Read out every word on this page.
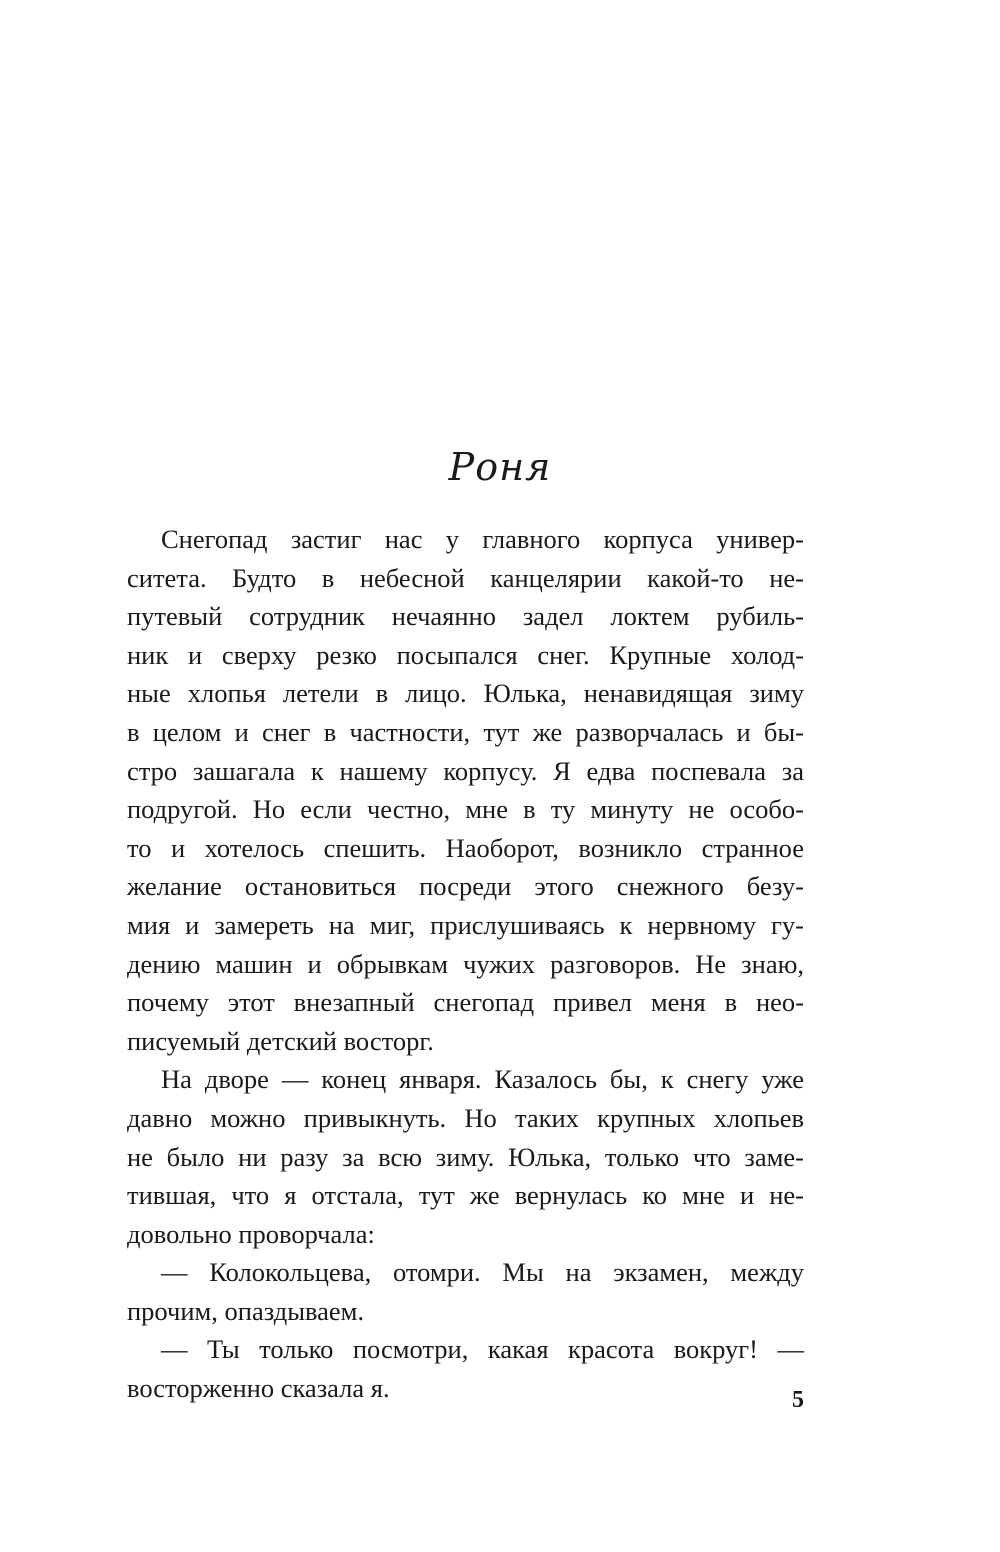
Роня
Снегопад застиг нас у главного корпуса универ-
ситета. Будто в небесной канцелярии какой-то не-
путевый сотрудник нечаянно задел локтем рубиль-
ник и сверху резко посыпался снег. Крупные холод-
ные хлопья летели в лицо. Юлька, ненавидящая зиму
в целом и снег в частности, тут же разворчалась и бы-
стро зашагала к нашему корпусу. Я едва поспевала за
подругой. Но если честно, мне в ту минуту не особо-
то и хотелось спешить. Наоборот, возникло странное
желание остановиться посреди этого снежного безу-
мия и замереть на миг, прислушиваясь к нервному гу-
дению машин и обрывкам чужих разговоров. Не знаю,
почему этот внезапный снегопад привел меня в нео-
писуемый детский восторг.
На дворе — конец января. Казалось бы, к снегу уже
давно можно привыкнуть. Но таких крупных хлопьев
не было ни разу за всю зиму. Юлька, только что заме-
тившая, что я отстала, тут же вернулась ко мне и не-
довольно проворчала:
— Колокольцева, отомри. Мы на экзамен, между
прочим, опаздываем.
— Ты только посмотри, какая красота вокруг! —
восторженно сказала я.	5
